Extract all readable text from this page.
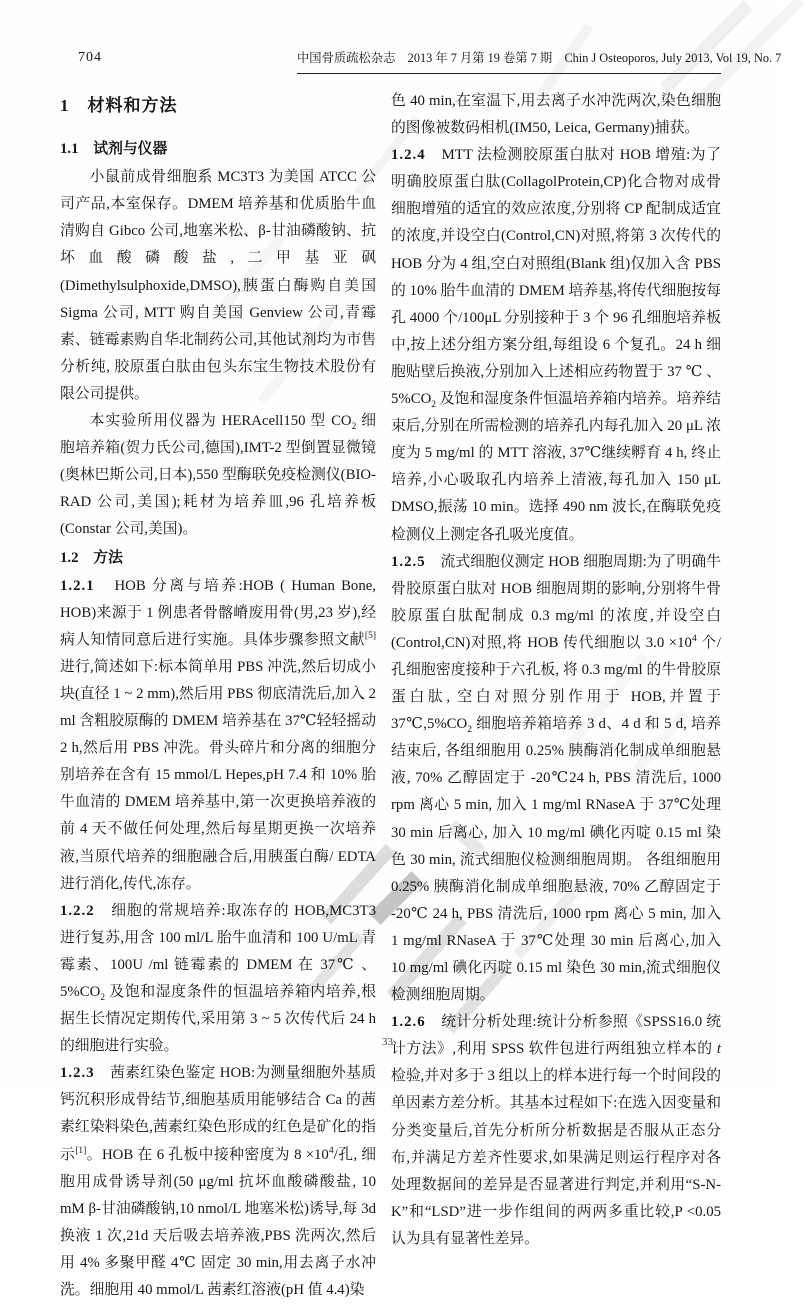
704	中国骨质疏松杂志　2013 年 7 月第 19 卷第 7 期　Chin J Osteoporos, July 2013, Vol 19, No. 7
1　材料和方法
1.1　试剂与仪器
小鼠前成骨细胞系 MC3T3 为美国 ATCC 公司产品,本室保存。DMEM 培养基和优质胎牛血清购自 Gibco 公司,地塞米松、β-甘油磷酸钠、抗坏血酸磷酸盐,二甲基亚砜(Dimethylsulphoxide,DMSO),胰蛋白酶购自美国 Sigma 公司, MTT 购自美国 Genview 公司,青霉素、链霉素购自华北制药公司,其他试剂均为市售分析纯, 胶原蛋白肽由包头东宝生物技术股份有限公司提供。
本实验所用仪器为 HERAcell150 型 $CO_2$ 细胞培养箱(贺力氏公司,德国),IMT-2 型倒置显微镜(奥林巴斯公司,日本),550 型酶联免疫检测仪(BIO-RAD 公司,美国);耗材为培养皿,96 孔培养板(Constar 公司,美国)。
1.2　方法
1.2.1　HOB 分离与培养:HOB ( Human Bone, HOB)来源于 1 例患者骨髂嵴废用骨(男,23 岁),经病人知情同意后进行实施。具体步骤参照文献[5]进行,简述如下:标本简单用 PBS 冲洗,然后切成小块(直径 1 ~ 2 mm),然后用 PBS 彻底清洗后,加入 2 ml 含粗胶原酶的 DMEM 培养基在 37℃轻轻摇动 2 h,然后用 PBS 冲洗。骨头碎片和分离的细胞分别培养在含有 15 mmol/L Hepes,pH 7.4 和 10% 胎牛血清的 DMEM 培养基中,第一次更换培养液的前 4 天不做任何处理,然后每星期更换一次培养液,当原代培养的细胞融合后,用胰蛋白酶/ EDTA 进行消化,传代,冻存。
1.2.2　细胞的常规培养:取冻存的 HOB,MC3T3 进行复苏,用含 100 ml/L 胎牛血清和 100 U/mL 青霉素、100U /ml 链霉素的 DMEM 在 37℃ 、$5\%CO_2$ 及饱和湿度条件的恒温培养箱内培养,根据生长情况定期传代,采用第 3 ~ 5 次传代后 24 h 的细胞进行实验。
1.2.3　茜素红染色鉴定 HOB:为测量细胞外基质钙沉积形成骨结节,细胞基质用能够结合 Ca 的茜素红染料染色,茜素红染色形成的红色是矿化的指示[1]。HOB 在 6 孔板中接种密度为 $8 \times 10^4/$孔, 细胞用成骨诱导剂(50 μg/ml 抗坏血酸磷酸盐, 10 mM β-甘油磷酸钠,10 nmol/L 地塞米松)诱导,每 3d 换液 1 次,21d 天后吸去培养液,PBS 洗两次,然后用 4% 多聚甲醛 4℃ 固定 30 min,用去离子水冲洗。细胞用 40 mmol/L 茜素红溶液(pH 值 4.4)染
色 40 min,在室温下,用去离子水冲洗两次,染色细胞的图像被数码相机(IM50, Leica, Germany)捕获。
1.2.4　MTT 法检测胶原蛋白肽对 HOB 增殖:为了明确胶原蛋白肽(CollagolProtein,CP)化合物对成骨细胞增殖的适宜的效应浓度,分别将 CP 配制成适宜的浓度,并设空白(Control,CN)对照,将第 3 次传代的 HOB 分为 4 组,空白对照组(Blank 组)仅加入含 PBS 的 10% 胎牛血清的 DMEM 培养基,将传代细胞按每孔 4000 个/100μL 分别接种于 3 个 96 孔细胞培养板中,按上述分组方案分组,每组设 6 个复孔。24 h 细胞贴壁后换液,分别加入上述相应药物置于 37 ℃ 、$5\%CO_2$ 及饱和湿度条件恒温培养箱内培养。培养结束后,分别在所需检测的培养孔内每孔加入 20 μL 浓度为 5 mg/ml 的 MTT 溶液, 37℃继续孵育 4 h, 终止培养,小心吸取孔内培养上清液,每孔加入 150 μL DMSO,振荡 10 min。选择 490 nm 波长,在酶联免疫检测仪上测定各孔吸光度值。
1.2.5　流式细胞仪测定 HOB 细胞周期:为了明确牛骨胶原蛋白肽对 HOB 细胞周期的影响,分别将牛骨胶原蛋白肽配制成 0.3 mg/ml 的浓度,并设空白(Control,CN)对照,将 HOB 传代细胞以 $3.0 \times 10^4$ 个/孔细胞密度接种于六孔板, 将 0.3 mg/ml 的牛骨胶原蛋白肽, 空白对照分别作用于 HOB,并置于 $37℃,5\%CO_2$ 细胞培养箱培养 3 d、4 d 和 5 d, 培养结束后, 各组细胞用 0.25% 胰酶消化制成单细胞悬液, 70% 乙醇固定于 -20℃24 h, PBS 清洗后, 1000 rpm 离心 5 min, 加入 1 mg/ml RNaseA 于 37℃处理 30 min 后离心, 加入 10 mg/ml 碘化丙啶 0.15 ml 染色 30 min, 流式细胞仪检测细胞周期。 各组细胞用 0.25% 胰酶消化制成单细胞悬液, 70% 乙醇固定于 -20℃ 24 h, PBS 清洗后, 1000 rpm 离心 5 min, 加入 1 mg/ml RNaseA 于 37℃处理 30 min 后离心,加入 10 mg/ml 碘化丙啶 0.15 ml 染色 30 min,流式细胞仪检测细胞周期。
1.2.6　统计分析处理:统计分析参照《SPSS16.0 统计方法》,利用 SPSS 软件包进行两组独立样本的 t 检验,并对多于 3 组以上的样本进行每一个时间段的单因素方差分析。其基本过程如下:在选入因变量和分类变量后,首先分析所分析数据是否服从正态分布,并满足方差齐性要求,如果满足则运行程序对各处理数据间的差异是否显著进行判定,并利用“S-N-K”和“LSD”进一步作组间的两两多重比较,P <0.05 认为具有显著性差异。
33
